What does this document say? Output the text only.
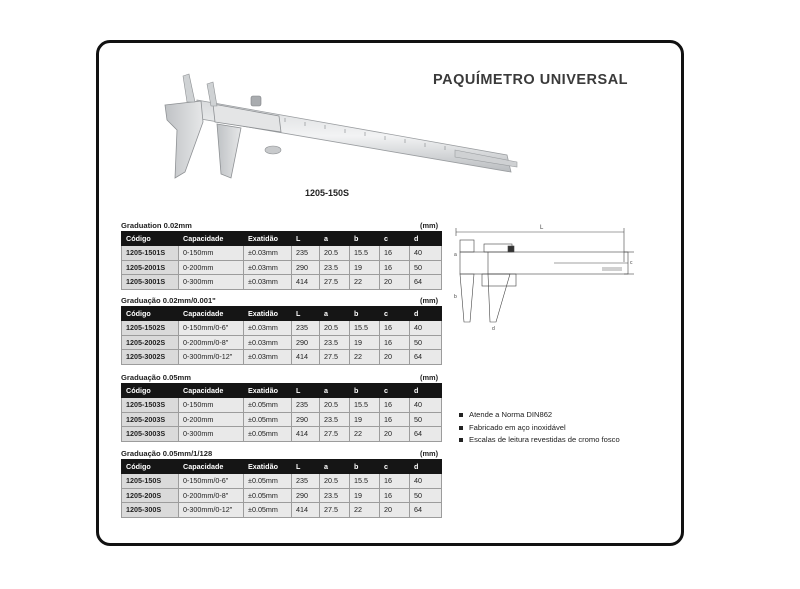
PAQUÍMETRO UNIVERSAL
1205-150S
Graduation 0.02mm	(mm)
Código	Capacidade	Exatidão	L	a	b	c	d
1205-1501S	0-150mm	±0.03mm	235	20.5	15.5	16	40
1205-2001S	0-200mm	±0.03mm	290	23.5	19	16	50
1205-3001S	0-300mm	±0.03mm	414	27.5	22	20	64
Graduação 0.02mm/0.001"	(mm)
Código	Capacidade	Exatidão	L	a	b	c	d
1205-1502S	0-150mm/0-6"	±0.03mm	235	20.5	15.5	16	40
1205-2002S	0-200mm/0-8"	±0.03mm	290	23.5	19	16	50
1205-3002S	0-300mm/0-12"	±0.03mm	414	27.5	22	20	64
Graduação 0.05mm	(mm)
Código	Capacidade	Exatidão	L	a	b	c	d
1205-1503S	0-150mm	±0.05mm	235	20.5	15.5	16	40
1205-2003S	0-200mm	±0.05mm	290	23.5	19	16	50
1205-3003S	0-300mm	±0.05mm	414	27.5	22	20	64
Graduação 0.05mm/1/128	(mm)
Código	Capacidade	Exatidão	L	a	b	c	d
1205-150S	0-150mm/0-6"	±0.05mm	235	20.5	15.5	16	40
1205-200S	0-200mm/0-8"	±0.05mm	290	23.5	19	16	50
1205-300S	0-300mm/0-12"	±0.05mm	414	27.5	22	20	64
L
a
b
c
d
Atende a Norma DIN862
Fabricado em aço inoxidável
Escalas de leitura revestidas de cromo fosco
